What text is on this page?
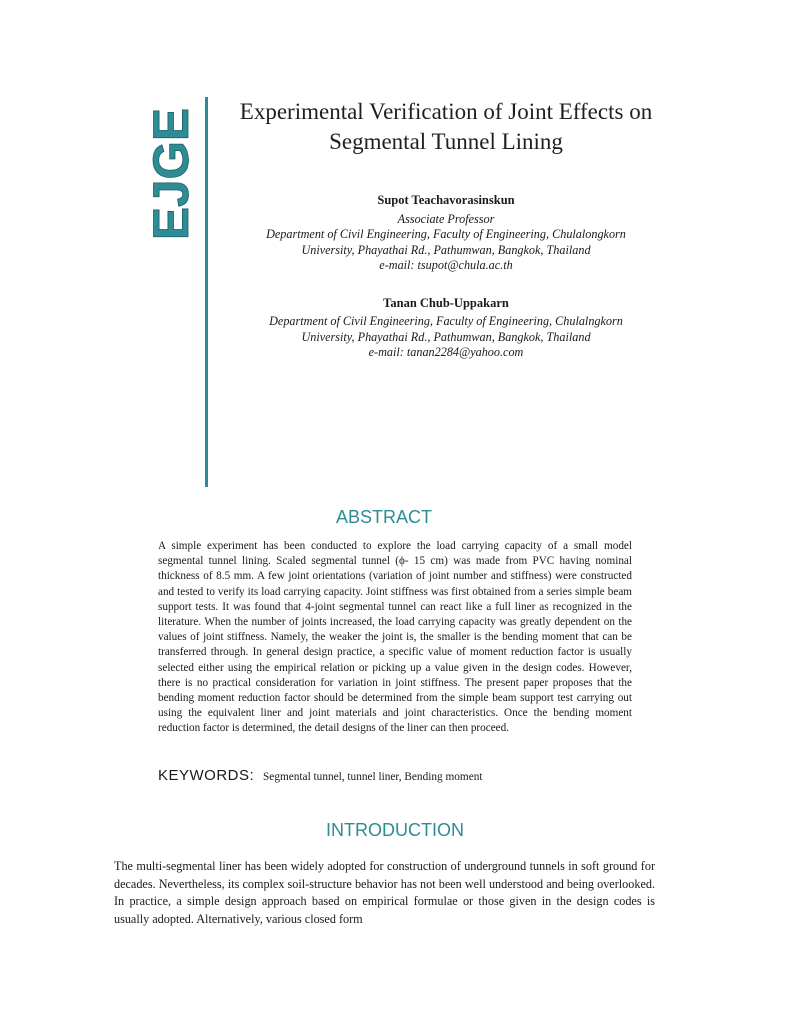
EJGE Experimental Verification of Joint Effects on Segmental Tunnel Lining
Supot Teachavorasinskun
Associate Professor
Department of Civil Engineering, Faculty of Engineering, Chulalongkorn
University, Phayathai Rd., Pathumwan, Bangkok, Thailand
e-mail: tsupot@chula.ac.th
Tanan Chub-Uppakarn
Department of Civil Engineering, Faculty of Engineering, Chulalngkorn
University, Phayathai Rd., Pathumwan, Bangkok, Thailand
e-mail: tanan2284@yahoo.com
ABSTRACT
A simple experiment has been conducted to explore the load carrying capacity of a small model segmental tunnel lining. Scaled segmental tunnel (ϕ- 15 cm) was made from PVC having nominal thickness of 8.5 mm. A few joint orientations (variation of joint number and stiffness) were constructed and tested to verify its load carrying capacity. Joint stiffness was first obtained from a series simple beam support tests. It was found that 4-joint segmental tunnel can react like a full liner as recognized in the literature. When the number of joints increased, the load carrying capacity was greatly dependent on the values of joint stiffness. Namely, the weaker the joint is, the smaller is the bending moment that can be transferred through. In general design practice, a specific value of moment reduction factor is usually selected either using the empirical relation or picking up a value given in the design codes. However, there is no practical consideration for variation in joint stiffness. The present paper proposes that the bending moment reduction factor should be determined from the simple beam support test carrying out using the equivalent liner and joint materials and joint characteristics. Once the bending moment reduction factor is determined, the detail designs of the liner can then proceed.
KEYWORDS: Segmental tunnel, tunnel liner, Bending moment
INTRODUCTION
The multi-segmental liner has been widely adopted for construction of underground tunnels in soft ground for decades. Nevertheless, its complex soil-structure behavior has not been well understood and being overlooked. In practice, a simple design approach based on empirical formulae or those given in the design codes is usually adopted. Alternatively, various closed form
